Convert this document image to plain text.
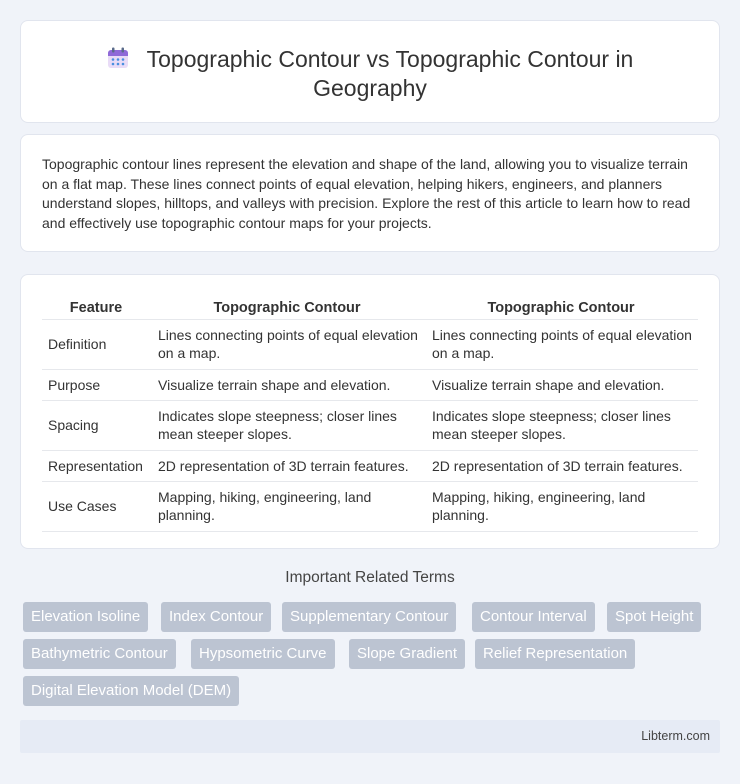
Topographic Contour vs Topographic Contour in Geography

Topographic contour lines represent the elevation and shape of the land, allowing you to visualize terrain on a flat map. These lines connect points of equal elevation, helping hikers, engineers, and planners understand slopes, hilltops, and valleys with precision. Explore the rest of this article to learn how to read and effectively use topographic contour maps for your projects.

Feature	Topographic Contour	Topographic Contour
Definition	Lines connecting points of equal elevation on a map.	Lines connecting points of equal elevation on a map.
Purpose	Visualize terrain shape and elevation.	Visualize terrain shape and elevation.
Spacing	Indicates slope steepness; closer lines mean steeper slopes.	Indicates slope steepness; closer lines mean steeper slopes.
Representation	2D representation of 3D terrain features.	2D representation of 3D terrain features.
Use Cases	Mapping, hiking, engineering, land planning.	Mapping, hiking, engineering, land planning.
Important Related Terms
Elevation Isoline	Index Contour	Supplementary Contour	Contour Interval	Spot Height
Bathymetric Contour	Hypsometric Curve	Slope Gradient	Relief Representation
Digital Elevation Model (DEM)
Libterm.com
